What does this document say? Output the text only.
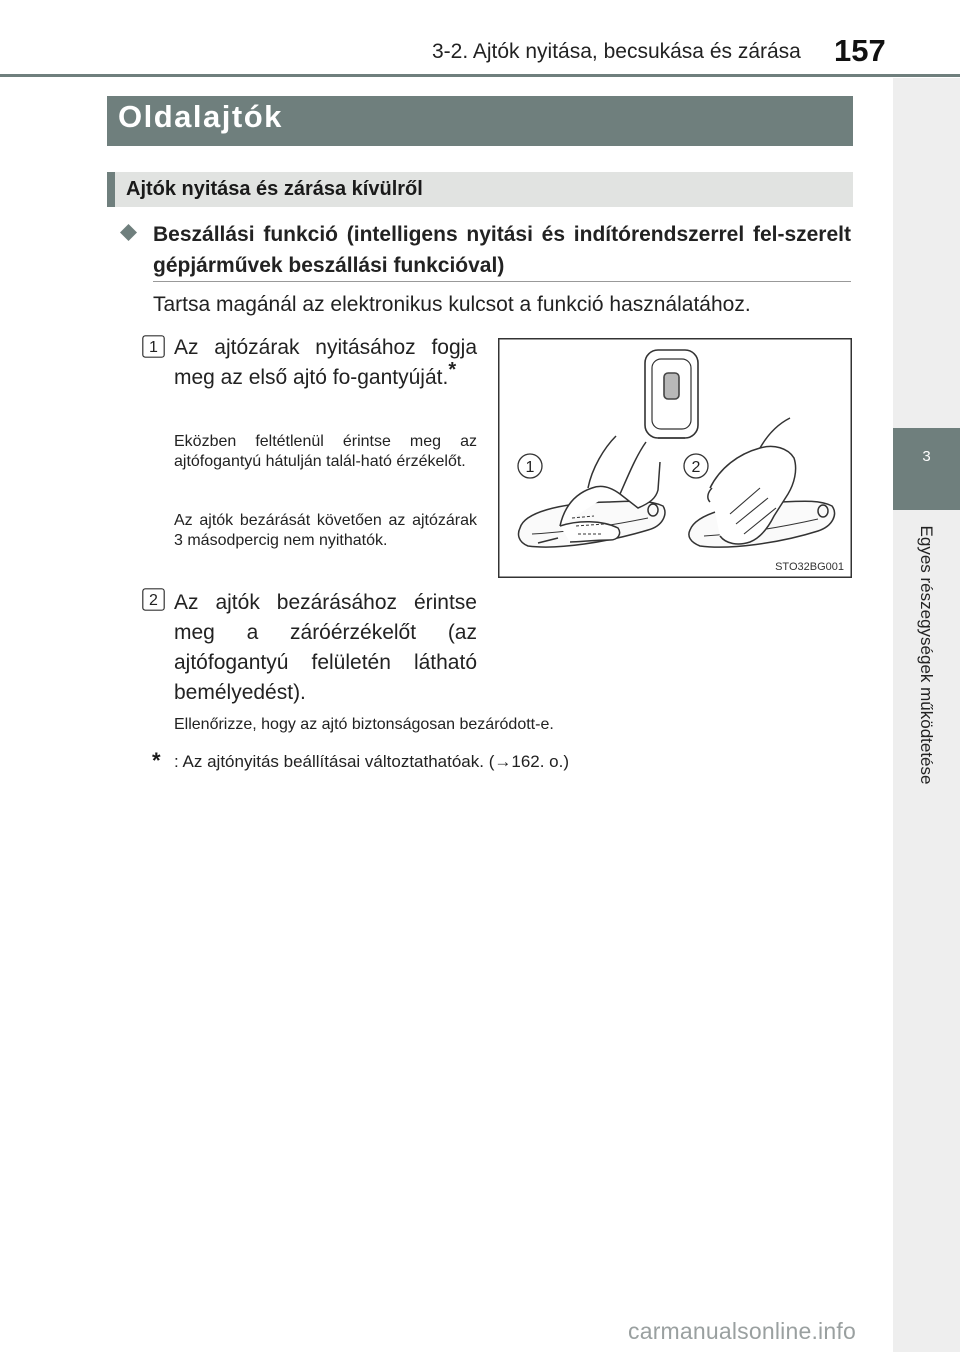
3-2. Ajtók nyitása, becsukása és zárása 157
3
Egyes részegységek működtetése
Oldalajtók
Ajtók nyitása és zárása kívülről
Beszállási funkció (intelligens nyitási és indítórendszerrel fel-szerelt gépjárművek beszállási funkcióval)
Tartsa magánál az elektronikus kulcsot a funkció használatához.
1 Az ajtózárak nyitásához fogja meg az első ajtó fo-gantyúját.*
Eközben feltétlenül érintse meg az ajtófogantyú hátulján talál-ható érzékelőt.
Az ajtók bezárását követően az ajtózárak 3 másodpercig nem nyithatók.
2 Az ajtók bezárásához érintse meg a záróérzékelőt (az ajtófogantyú felületén látható bemélyedést).
Ellenőrizze, hogy az ajtó biztonságosan bezáródott-e.
* : Az ajtónyitás beállításai változtathatóak. (→162. o.)
1	2
STO32BG001
carmanualsonline.info
